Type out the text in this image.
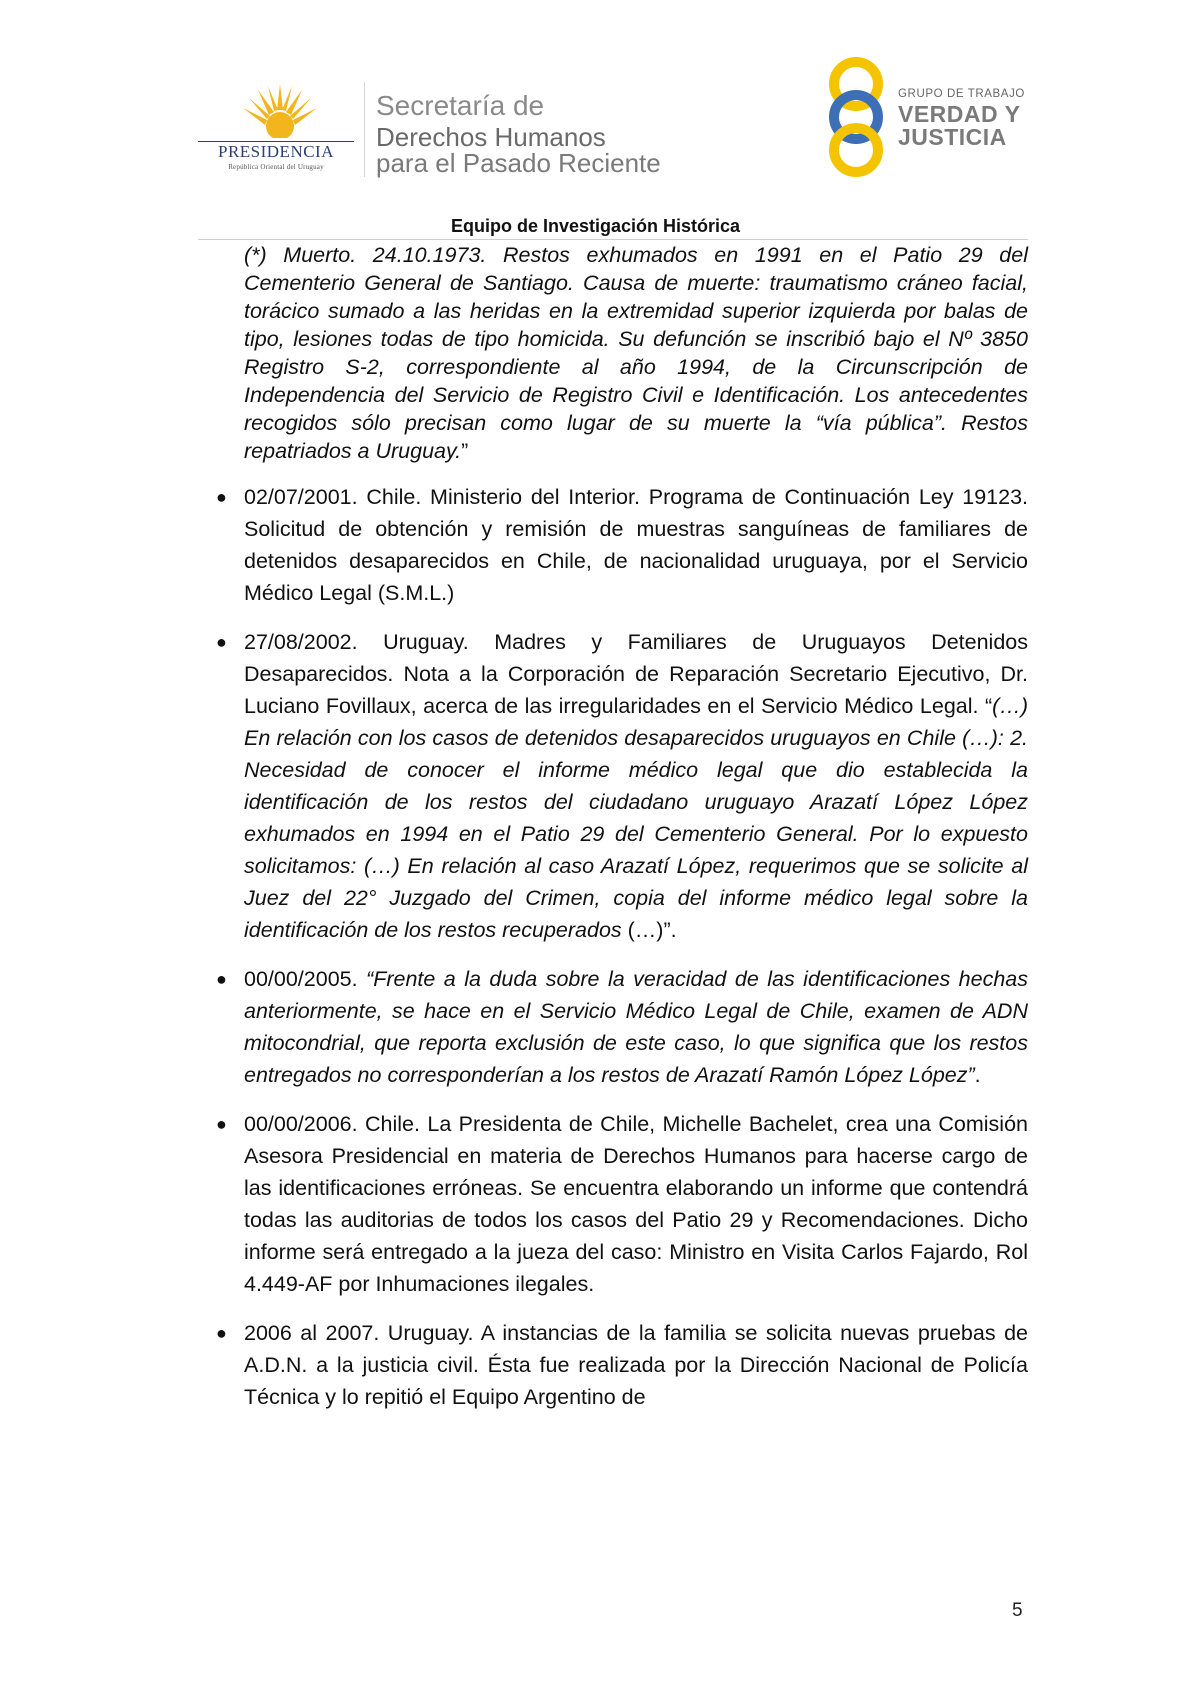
PRESIDENCIA
República Oriental del Uruguay
Secretaría de
Derechos Humanos
para el Pasado Reciente
GRUPO DE TRABAJO
VERDAD Y
JUSTICIA
Equipo de Investigación Histórica

(*) Muerto. 24.10.1973. Restos exhumados en 1991 en el Patio 29 del Cementerio General de Santiago. Causa de muerte: traumatismo cráneo facial, torácico sumado a las heridas en la extremidad superior izquierda por balas de tipo, lesiones todas de tipo homicida. Su defunción se inscribió bajo el Nº 3850 Registro S-2, correspondiente al año 1994, de la Circunscripción de Independencia del Servicio de Registro Civil e Identificación. Los antecedentes recogidos sólo precisan como lugar de su muerte la “vía pública”. Restos repatriados a Uruguay.”

● 02/07/2001. Chile. Ministerio del Interior. Programa de Continuación Ley 19123. Solicitud de obtención y remisión de muestras sanguíneas de familiares de detenidos desaparecidos en Chile, de nacionalidad uruguaya, por el Servicio Médico Legal (S.M.L.)
● 27/08/2002. Uruguay. Madres y Familiares de Uruguayos Detenidos Desaparecidos. Nota a la Corporación de Reparación Secretario Ejecutivo, Dr. Luciano Fovillaux, acerca de las irregularidades en el Servicio Médico Legal. “(…) En relación con los casos de detenidos desaparecidos uruguayos en Chile (…): 2. Necesidad de conocer el informe médico legal que dio establecida la identificación de los restos del ciudadano uruguayo Arazatí López López exhumados en 1994 en el Patio 29 del Cementerio General. Por lo expuesto solicitamos: (…) En relación al caso Arazatí López, requerimos que se solicite al Juez del 22° Juzgado del Crimen, copia del informe médico legal sobre la identificación de los restos recuperados (…)”.
● 00/00/2005. “Frente a la duda sobre la veracidad de las identificaciones hechas anteriormente, se hace en el Servicio Médico Legal de Chile, examen de ADN mitocondrial, que reporta exclusión de este caso, lo que significa que los restos entregados no corresponderían a los restos de Arazatí Ramón López López”.
● 00/00/2006. Chile. La Presidenta de Chile, Michelle Bachelet, crea una Comisión Asesora Presidencial en materia de Derechos Humanos para hacerse cargo de las identificaciones erróneas. Se encuentra elaborando un informe que contendrá todas las auditorias de todos los casos del Patio 29 y Recomendaciones. Dicho informe será entregado a la jueza del caso: Ministro en Visita Carlos Fajardo, Rol 4.449-AF por Inhumaciones ilegales.
● 2006 al 2007. Uruguay. A instancias de la familia se solicita nuevas pruebas de A.D.N. a la justicia civil. Ésta fue realizada por la Dirección Nacional de Policía Técnica y lo repitió el Equipo Argentino de
5
